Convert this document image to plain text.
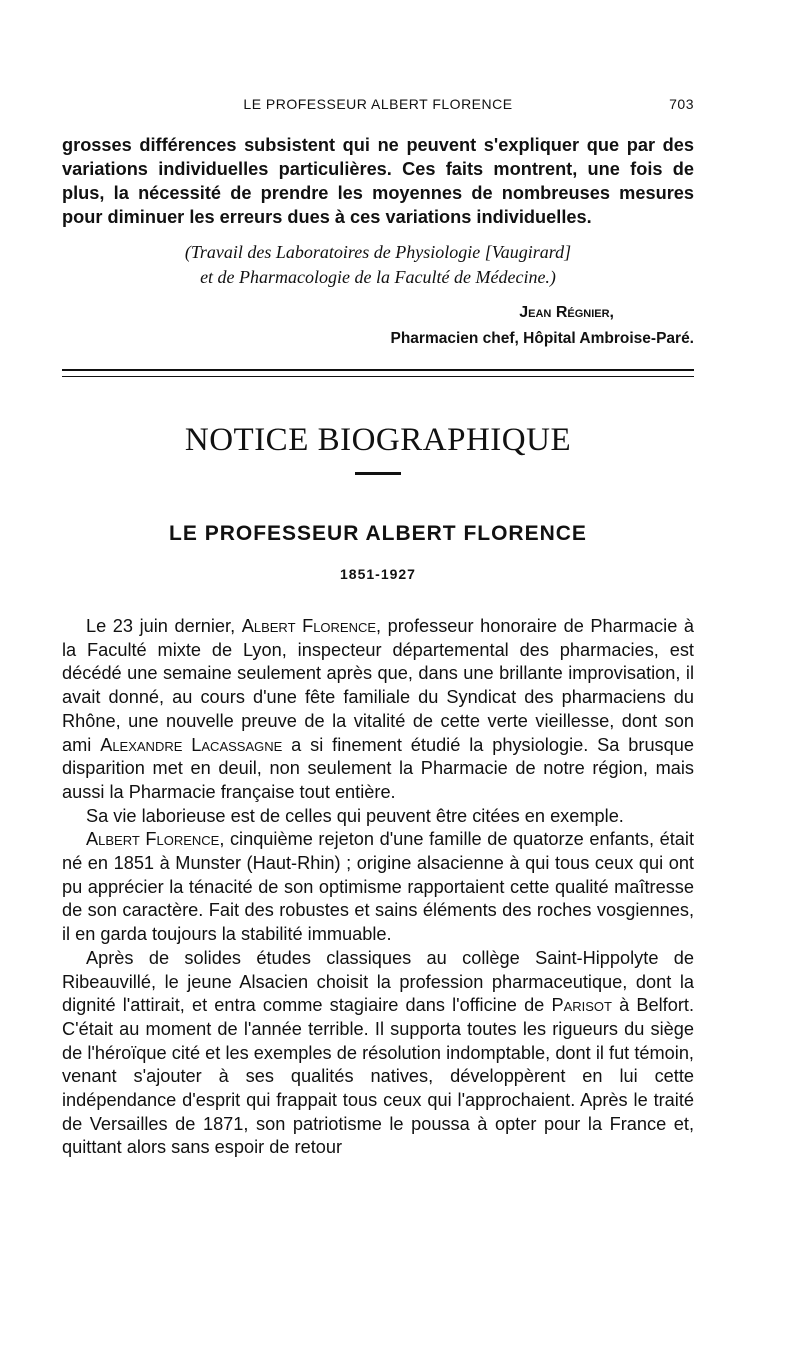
LE PROFESSEUR ALBERT FLORENCE	703

grosses différences subsistent qui ne peuvent s'expliquer que par des variations individuelles particulières. Ces faits montrent, une fois de plus, la nécessité de prendre les moyennes de nombreuses mesures pour diminuer les erreurs dues à ces variations individuelles.

(Travail des Laboratoires de Physiologie [Vaugirard]
et de Pharmacologie de la Faculté de Médecine.)
Jean Régnier,
Pharmacien chef, Hôpital Ambroise-Paré.
NOTICE BIOGRAPHIQUE
LE PROFESSEUR ALBERT FLORENCE
1851-1927

Le 23 juin dernier, Albert Florence, professeur honoraire de Pharmacie à la Faculté mixte de Lyon, inspecteur départemental des pharmacies, est décédé une semaine seulement après que, dans une brillante improvisation, il avait donné, au cours d'une fête familiale du Syndicat des pharmaciens du Rhône, une nouvelle preuve de la vitalité de cette verte vieillesse, dont son ami Alexandre Lacassagne a si finement étudié la physiologie. Sa brusque disparition met en deuil, non seulement la Pharmacie de notre région, mais aussi la Pharmacie française tout entière.

Sa vie laborieuse est de celles qui peuvent être citées en exemple.

Albert Florence, cinquième rejeton d'une famille de quatorze enfants, était né en 1851 à Munster (Haut-Rhin) ; origine alsacienne à qui tous ceux qui ont pu apprécier la ténacité de son optimisme rapportaient cette qualité maîtresse de son caractère. Fait des robustes et sains éléments des roches vosgiennes, il en garda toujours la stabilité immuable.

Après de solides études classiques au collège Saint-Hippolyte de Ribeauvillé, le jeune Alsacien choisit la profession pharmaceutique, dont la dignité l'attirait, et entra comme stagiaire dans l'officine de Parisot à Belfort. C'était au moment de l'année terrible. Il supporta toutes les rigueurs du siège de l'héroïque cité et les exemples de résolution indomptable, dont il fut témoin, venant s'ajouter à ses qualités natives, développèrent en lui cette indépendance d'esprit qui frappait tous ceux qui l'approchaient. Après le traité de Versailles de 1871, son patriotisme le poussa à opter pour la France et, quittant alors sans espoir de retour
